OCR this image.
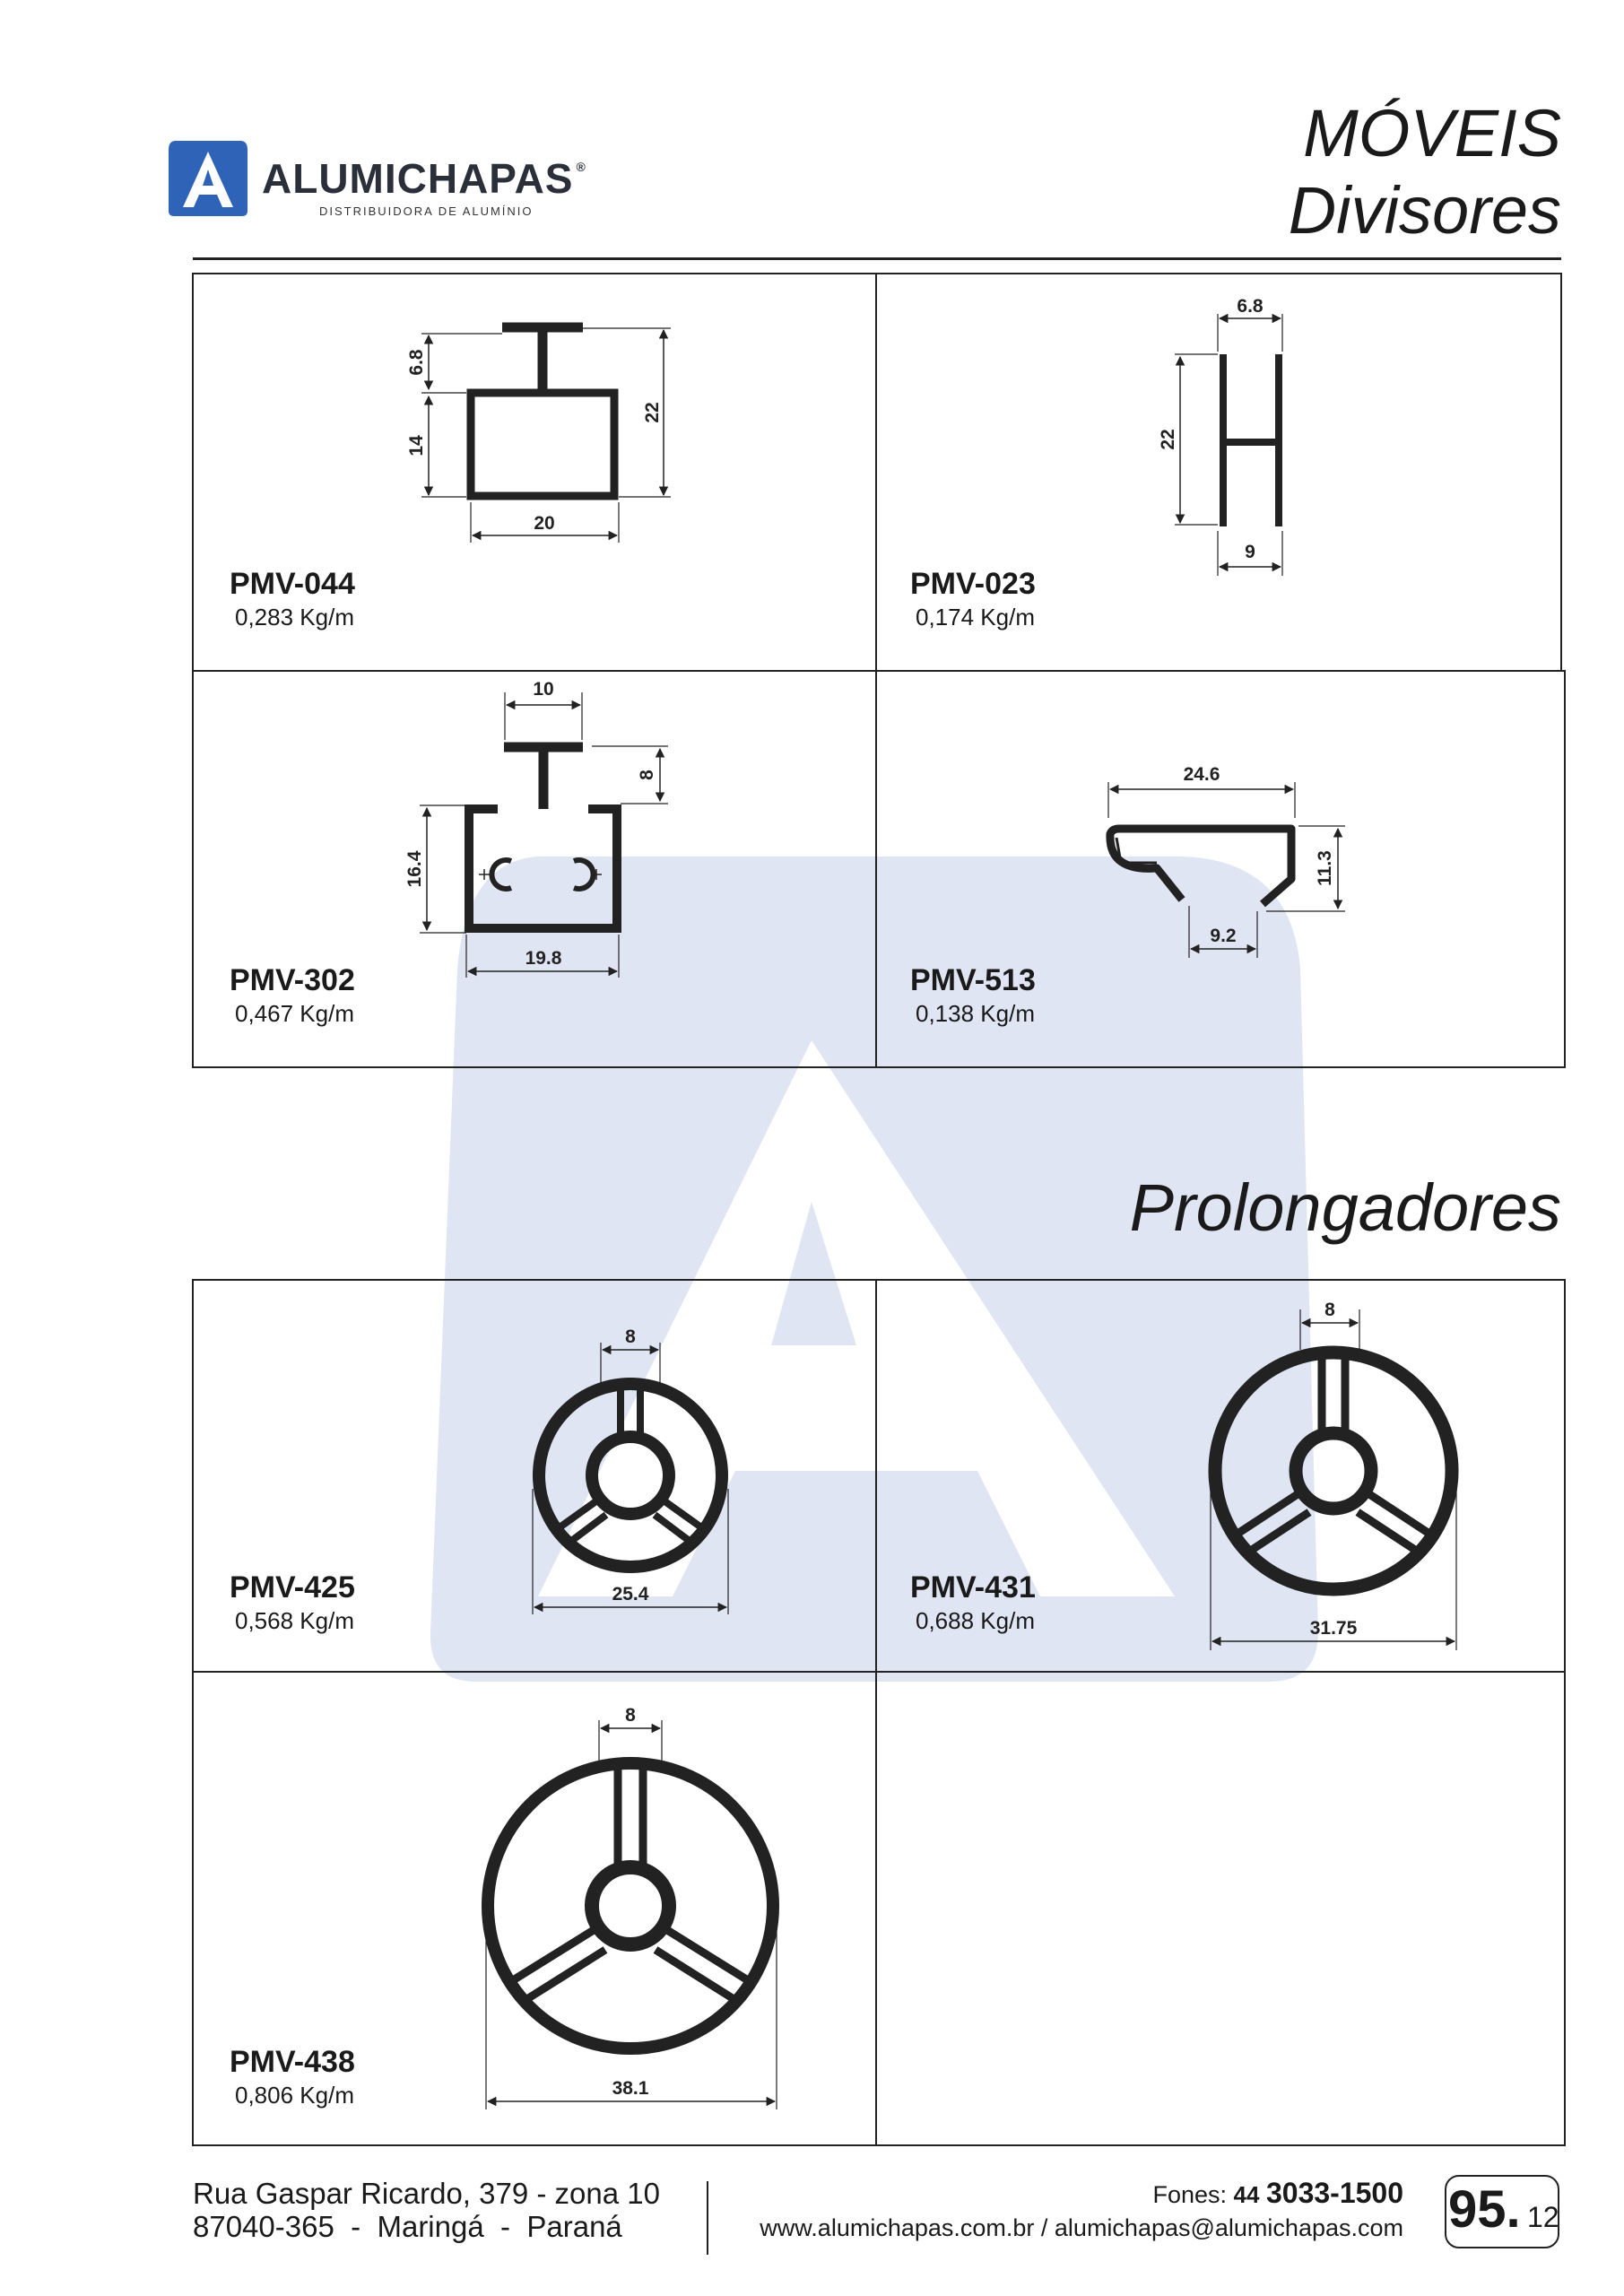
ALUMICHAPAS ®
DISTRIBUIDORA DE ALUMÍNIO
MÓVEIS
Divisores
Prolongadores
6.8
14
22
20
6.8
22
9
10
8
16.4
19.8
24.6
11.3
9.2
8
25.4
8
31.75
8
38.1
PMV-044
0,283 Kg/m
PMV-023
0,174 Kg/m
PMV-302
0,467 Kg/m
PMV-513
0,138 Kg/m
PMV-425
0,568 Kg/m
PMV-431
0,688 Kg/m
PMV-438
0,806 Kg/m
Rua Gaspar Ricardo, 379 - zona 10
87040-365  -  Maringá  -  Paraná
Fones: 44 3033-1500
www.alumichapas.com.br / alumichapas@alumichapas.com 95. 12
